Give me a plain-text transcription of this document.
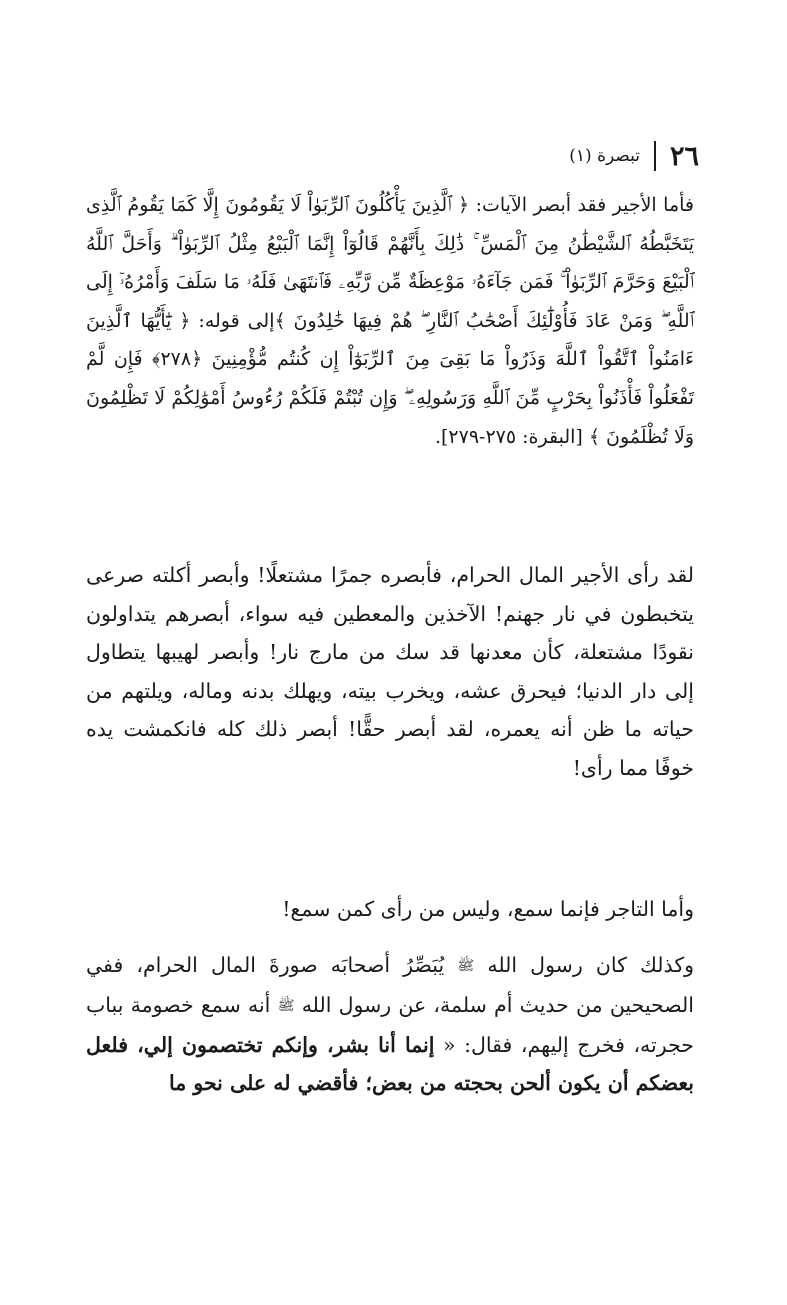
٢٦
تبصرة (١)
فأما الأجير فقد أبصر الآيات: ﴿ ٱلَّذِينَ يَأْكُلُونَ ٱلرِّبَوٰاْ لَا يَقُومُونَ إِلَّا كَمَا يَقُومُ ٱلَّذِى يَتَخَبَّطُهُ ٱلشَّيْطَٰنُ مِنَ ٱلْمَسِّ ۚ ذَٰلِكَ بِأَنَّهُمْ قَالُوٓاْ إِنَّمَا ٱلْبَيْعُ مِثْلُ ٱلرِّبَوٰاْ ۗ وَأَحَلَّ ٱللَّهُ ٱلْبَيْعَ وَحَرَّمَ ٱلرِّبَوٰاْ ۚ فَمَن جَآءَهُۥ مَوْعِظَةٌ مِّن رَّبِّهِۦ فَٱنتَهَىٰ فَلَهُۥ مَا سَلَفَ وَأَمْرُهُۥٓ إِلَى ٱللَّهِ ۖ وَمَنْ عَادَ فَأُوْلَٰٓئِكَ أَصْحَٰبُ ٱلنَّارِ ۖ هُمْ فِيهَا خَٰلِدُونَ ﴾إلى قوله: ﴿ يَٰٓأَيُّهَا ٱلَّذِينَ ءَامَنُواْ ٱتَّقُواْ ٱللَّهَ وَذَرُواْ مَا بَقِىَ مِنَ ٱلرِّبَوٰٓاْ إِن كُنتُم مُّؤْمِنِينَ ﴿٢٧٨﴾ فَإِن لَّمْ تَفْعَلُواْ فَأْذَنُواْ بِحَرْبٍ مِّنَ ٱللَّهِ وَرَسُولِهِۦ ۖ وَإِن تُبْتُمْ فَلَكُمْ رُءُوسُ أَمْوَٰلِكُمْ لَا تَظْلِمُونَ وَلَا تُظْلَمُونَ ﴾ [البقرة: ٢٧٥-٢٧٩].
لقد رأى الأجير المال الحرام، فأبصره جمرًا مشتعلًا! وأبصر أكلته صرعى يتخبطون في نار جهنم! الآخذين والمعطين فيه سواء، أبصرهم يتداولون نقودًا مشتعلة، كأن معدنها قد سك من مارج نار! وأبصر لهيبها يتطاول إلى دار الدنيا؛ فيحرق عشه، ويخرب بيته، ويهلك بدنه وماله، ويلتهم من حياته ما ظن أنه يعمره، لقد أبصر حقًّا! أبصر ذلك كله فانكمشت يده خوفًا مما رأى!
وأما التاجر فإنما سمع، وليس من رأى كمن سمع!
وكذلك كان رسول الله ﷺ يُبَصِّرُ أصحابَه صورةَ المال الحرام، ففي الصحيحين من حديث أم سلمة، عن رسول الله ﷺ أنه سمع خصومة بباب حجرته، فخرج إليهم، فقال: « إنما أنا بشر، وإنكم تختصمون إلي، فلعل بعضكم أن يكون ألحن بحجته من بعض؛ فأقضي له على نحو ما
